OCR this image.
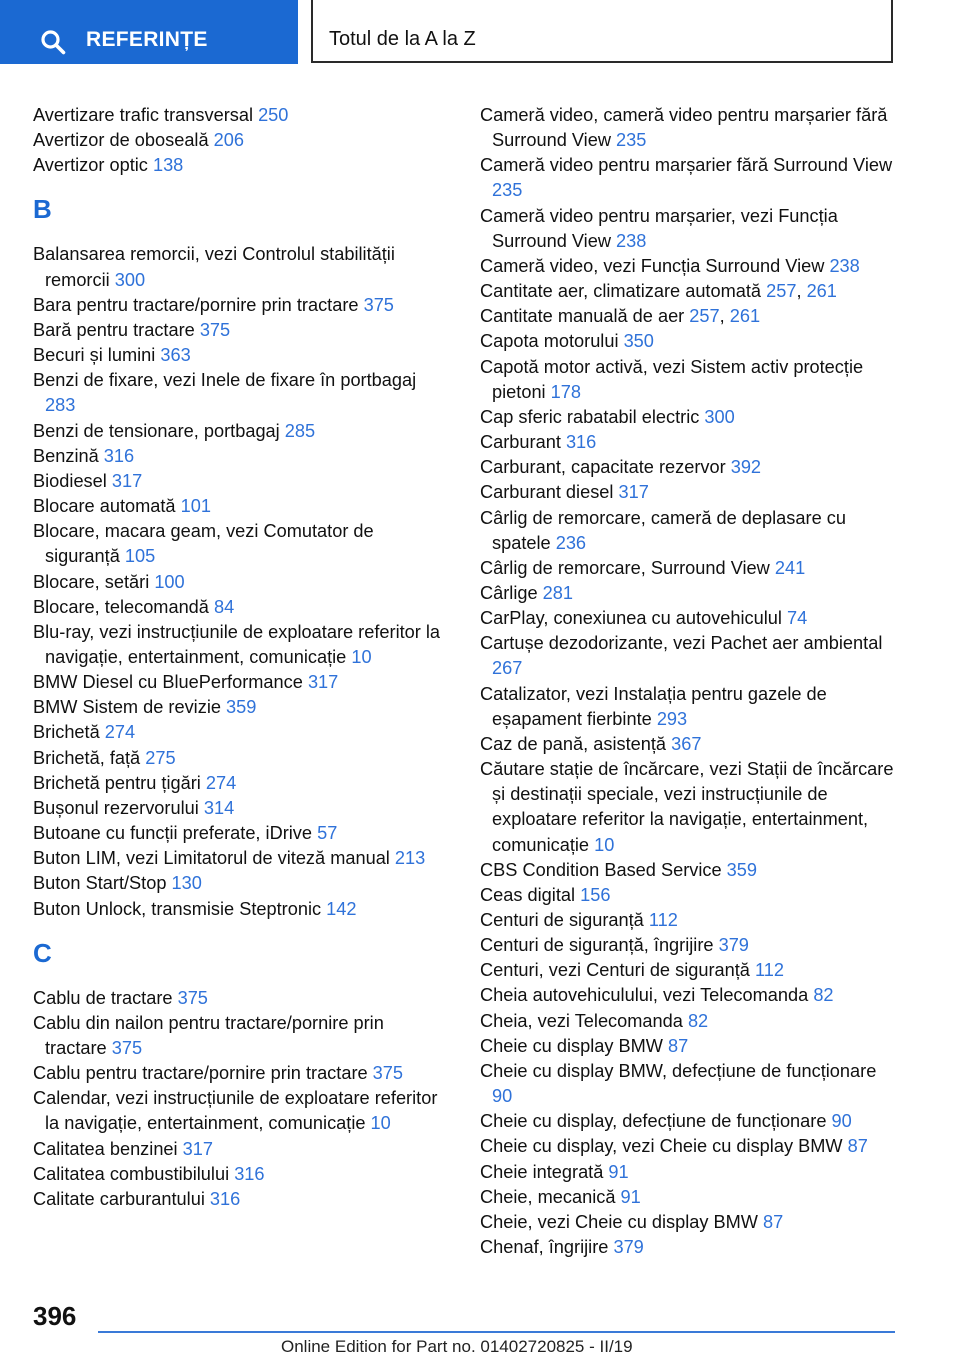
REFERINȚE	Totul de la A la Z
Avertizare trafic transversal 250
Avertizor de oboseală 206
Avertizor optic 138
B
Balansarea remorcii, vezi Controlul stabilității remorcii 300
Bara pentru tractare/pornire prin tractare 375
Bară pentru tractare 375
Becuri și lumini 363
Benzi de fixare, vezi Inele de fixare în portbagaj 283
Benzi de tensionare, portbagaj 285
Benzină 316
Biodiesel 317
Blocare automată 101
Blocare, macara geam, vezi Comutator de siguranță 105
Blocare, setări 100
Blocare, telecomandă 84
Blu-ray, vezi instrucțiunile de exploatare referitor la navigație, entertainment, comunicație 10
BMW Diesel cu BluePerformance 317
BMW Sistem de revizie 359
Brichetă 274
Brichetă, față 275
Brichetă pentru țigări 274
Bușonul rezervorului 314
Butoane cu funcții preferate, iDrive 57
Buton LIM, vezi Limitatorul de viteză manual 213
Buton Start/Stop 130
Buton Unlock, transmisie Steptronic 142
C
Cablu de tractare 375
Cablu din nailon pentru tractare/pornire prin tractare 375
Cablu pentru tractare/pornire prin tractare 375
Calendar, vezi instrucțiunile de exploatare referitor la navigație, entertainment, comunicație 10
Calitatea benzinei 317
Calitatea combustibilului 316
Calitate carburantului 316
Cameră video, cameră video pentru marșarier fără Surround View 235
Cameră video pentru marșarier fără Surround View 235
Cameră video pentru marșarier, vezi Funcția Surround View 238
Cameră video, vezi Funcția Surround View 238
Cantitate aer, climatizare automată 257, 261
Cantitate manuală de aer 257, 261
Capota motorului 350
Capotă motor activă, vezi Sistem activ protecție pietoni 178
Cap sferic rabatabil electric 300
Carburant 316
Carburant, capacitate rezervor 392
Carburant diesel 317
Cârlig de remorcare, cameră de deplasare cu spatele 236
Cârlig de remorcare, Surround View 241
Cârlige 281
CarPlay, conexiunea cu autovehiculul 74
Cartușe dezodorizante, vezi Pachet aer ambiental 267
Catalizator, vezi Instalația pentru gazele de eșapament fierbinte 293
Caz de pană, asistență 367
Căutare stație de încărcare, vezi Stații de încărcare și destinații speciale, vezi instrucțiunile de exploatare referitor la navigație, entertainment, comunicație 10
CBS Condition Based Service 359
Ceas digital 156
Centuri de siguranță 112
Centuri de siguranță, îngrijire 379
Centuri, vezi Centuri de siguranță 112
Cheia autovehiculului, vezi Telecomanda 82
Cheia, vezi Telecomanda 82
Cheie cu display BMW 87
Cheie cu display BMW, defecțiune de funcționare 90
Cheie cu display, defecțiune de funcționare 90
Cheie cu display, vezi Cheie cu display BMW 87
Cheie integrată 91
Cheie, mecanică 91
Cheie, vezi Cheie cu display BMW 87
Chenaf, îngrijire 379
396
Online Edition for Part no. 01402720825 - II/19
